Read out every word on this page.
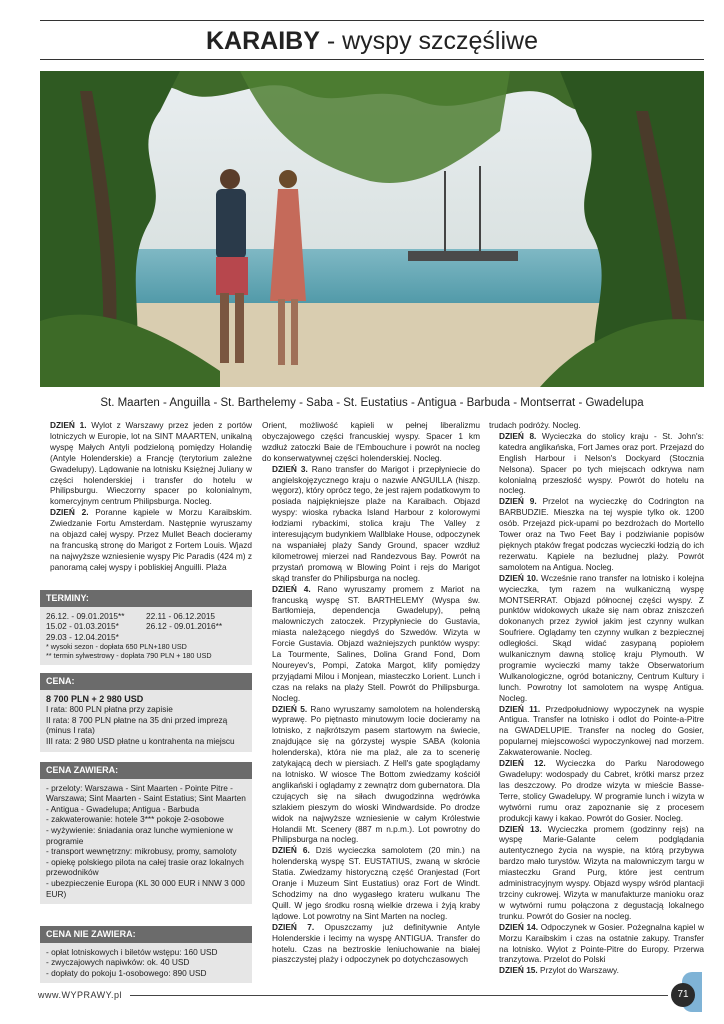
KARAIBY - wyspy szczęśliwe
St. Maarten - Anguilla - St. Barthelemy - Saba - St. Eustatius - Antigua - Barbuda - Montserrat - Gwadelupa

DZIEŃ 1. Wylot z Warszawy przez jeden z portów lotniczych w Europie, lot na SINT MAARTEN, unikalną wyspę Małych Antyli podzieloną pomiędzy Holandię (Antyle Holenderskie) a Francję (terytorium zależne Gwadelupy). Lądowanie na lotnisku Księżnej Juliany w części holenderskiej i transfer do hotelu w Philipsburgu. Wieczorny spacer po kolonialnym, komercyjnym centrum Philipsburga. Nocleg.

DZIEŃ 2. Poranne kąpiele w Morzu Karaibskim. Zwiedzanie Fortu Amsterdam. Następnie wyruszamy na objazd całej wyspy. Przez Mullet Beach docieramy na francuską stronę do Marigot z Fortem Louis. Wjazd na najwyższe wzniesienie wyspy Pic Paradis (424 m) z panoramą całej wyspy i pobliskiej Anguilli. Plaża

TERMINY:
26.12. - 09.01.2015**	22.11 - 06.12.2015
15.02 - 01.03.2015*	26.12 - 09.01.2016**
29.03 - 12.04.2015*
* wysoki sezon - dopłata 650 PLN+180 USD
** termin sylwestrowy - dopłata 790 PLN + 180 USD
CENA:
8 700 PLN + 2 980 USD
I rata: 800 PLN płatna przy zapisie
II rata: 8 700 PLN płatne na 35 dni przed imprezą (minus I rata)
III rata: 2 980 USD płatne u kontrahenta na miejscu
CENA ZAWIERA:
- przeloty: Warszawa - Sint Maarten - Pointe Pitre - Warszawa; Sint Maarten - Saint Estatius; Sint Maarten - Antigua - Gwadelupa; Antigua - Barbuda
- zakwaterowanie: hotele 3*** pokoje 2-osobowe
- wyżywienie: śniadania oraz lunche wymienione w programie
- transport wewnętrzny: mikrobusy, promy, samoloty
- opiekę polskiego pilota na całej trasie oraz lokalnych przewodników
- ubezpieczenie Europa (KL 30 000 EUR i NNW 3 000 EUR)
CENA NIE ZAWIERA:
- opłat lotniskowych i biletów wstępu: 160 USD
- zwyczajowych napiwków: ok. 40 USD
- dopłaty do pokoju 1-osobowego: 890 USD

Orient, możliwość kąpieli w pełnej liberalizmu obyczajowego części francuskiej wyspy. Spacer 1 km wzdłuż zatoczki Baie de l'Embouchure i powrót na nocleg do konserwatywnej części holenderskiej. Nocleg.

DZIEŃ 3. Rano transfer do Marigot i przepłyniecie do angielskojęzycznego kraju o nazwie ANGUILLA (hiszp. węgorz), który oprócz tego, że jest rajem podatkowym to posiada najpiękniejsze plaże na Karaibach. Objazd wyspy: wioska rybacka Island Harbour z kolorowymi łodziami rybackimi, stolica kraju The Valley z interesującym budynkiem Wallblake House, odpoczynek na wspaniałej plaży Sandy Ground, spacer wzdłuż kilometrowej mierzei nad Randezvous Bay. Powrót na przystań promową w Blowing Point i rejs do Marigot skąd transfer do Philipsburga na nocleg.

DZIEŃ 4. Rano wyruszamy promem z Mariot na francuską wyspę ST. BARTHELEMY (Wyspa św. Bartłomieja, dependencja Gwadelupy), pełną malowniczych zatoczek. Przypłyniecie do Gustavia, miasta należącego niegdyś do Szwedów. Wizyta w Forcie Gustavia. Objazd ważniejszych punktów wyspy: La Tourmente, Salines, Dolina Grand Fond, Dom Noureyev's, Pompi, Zatoka Margot, klify pomiędzy przyjądami Milou i Monjean, miasteczko Lorient. Lunch i czas na relaks na plaży Stell. Powrót do Philipsburga. Nocleg.

DZIEŃ 5. Rano wyruszamy samolotem na holenderską wyprawę. Po piętnasto minutowym locie docieramy na lotnisko, z najkrótszym pasem startowym na świecie, znajdujące się na górzystej wyspie SABA (kolonia holenderska), która nie ma plaż, ale za to scenerię zatykającą dech w piersiach. Z Hell's gate spoglądamy na lotnisko. W wiosce The Bottom zwiedzamy kościół anglikański i oglądamy z zewnątrz dom gubernatora. Dla czujących się na siłach dwugodzinna wędrówka szlakiem pieszym do wioski Windwardside. Po drodze widok na najwyższe wzniesienie w całym Królestwie Holandii Mt. Scenery (887 m n.p.m.). Lot powrotny do Philipsburga na nocleg.

DZIEŃ 6. Dziś wycieczka samolotem (20 min.) na holenderską wyspę ST. EUSTATIUS, zwaną w skrócie Statia. Zwiedzamy historyczną część Oranjestad (Fort Oranje i Muzeum Sint Eustatius) oraz Fort de Windt. Schodzimy na dno wygasłego krateru wulkanu The Quill. W jego środku rosną wielkie drzewa i żyją kraby lądowe. Lot powrotny na Sint Marten na nocleg.

DZIEŃ 7. Opuszczamy już definitywnie Antyle Holenderskie i lecimy na wyspę ANTIGUA. Transfer do hotelu. Czas na beztroskie leniuchowanie na białej piaszczystej plaży i odpoczynek po dotychczasowych

trudach podróży. Nocleg.

DZIEŃ 8. Wycieczka do stolicy kraju - St. John's: katedra anglikańska, Fort James oraz port. Przejazd do English Harbour i Nelson's Dockyard (Stocznia Nelsona). Spacer po tych miejscach odkrywa nam kolonialną przeszłość wyspy. Powrót do hotelu na nocleg.

DZIEŃ 9. Przelot na wycieczkę do Codrington na BARBUDZIE. Mieszka na tej wyspie tylko ok. 1200 osób. Przejazd pick-upami po bezdrożach do Mortello Tower oraz na Two Feet Bay i podziwianie popisów pięknych ptaków fregat podczas wycieczki łodzią do ich rezerwatu. Kąpiele na bezludnej plaży. Powrót samolotem na Antigua. Nocleg.

DZIEŃ 10. Wcześnie rano transfer na lotnisko i kolejna wycieczka, tym razem na wulkaniczną wyspę MONTSERRAT. Objazd północnej części wyspy. Z punktów widokowych ukaże się nam obraz zniszczeń dokonanych przez żywioł jakim jest czynny wulkan Soufriere. Oglądamy ten czynny wulkan z bezpiecznej odległości. Skąd widać zasypaną popiołem wulkanicznym dawną stolicę kraju Plymouth. W programie wycieczki mamy także Obserwatorium Wulkanologiczne, ogród botaniczny, Centrum Kultury i lunch. Powrotny lot samolotem na wyspę Antigua. Nocleg.

DZIEŃ 11. Przedpołudniowy wypoczynek na wyspie Antigua. Transfer na lotnisko i odlot do Pointe-a-Pitre na GWADELUPIE. Transfer na nocleg do Gosier, popularnej miejscowości wypoczynkowej nad morzem. Zakwaterowanie. Nocleg.

DZIEŃ 12. Wycieczka do Parku Narodowego Gwadelupy: wodospady du Cabret, krótki marsz przez las deszczowy. Po drodze wizyta w mieście Basse-Terre, stolicy Gwadelupy. W programie lunch i wizyta w wytwórni rumu oraz zapoznanie się z procesem produkcji kawy i kakao. Powrót do Gosier. Nocleg.

DZIEŃ 13. Wycieczka promem (godzinny rejs) na wyspę Marie-Galante celem podglądania autentycznego życia na wyspie, na którą przybywa bardzo mało turystów. Wizyta na malowniczym targu w miasteczku Grand Purg, które jest centrum administracyjnym wyspy. Objazd wyspy wśród plantacji trzciny cukrowej. Wizyta w manufakturze manioku oraz w wytwórni rumu połączona z degustacją lokalnego trunku. Powrót do Gosier na nocleg.

DZIEŃ 14. Odpoczynek w Gosier. Pożegnalna kąpiel w Morzu Karaibskim i czas na ostatnie zakupy. Transfer na lotnisko. Wylot z Pointe-Pitre do Europy. Przerwa tranzytowa. Przelot do Polski

DZIEŃ 15. Przylot do Warszawy.

www.WYPRAWY.pl	71
